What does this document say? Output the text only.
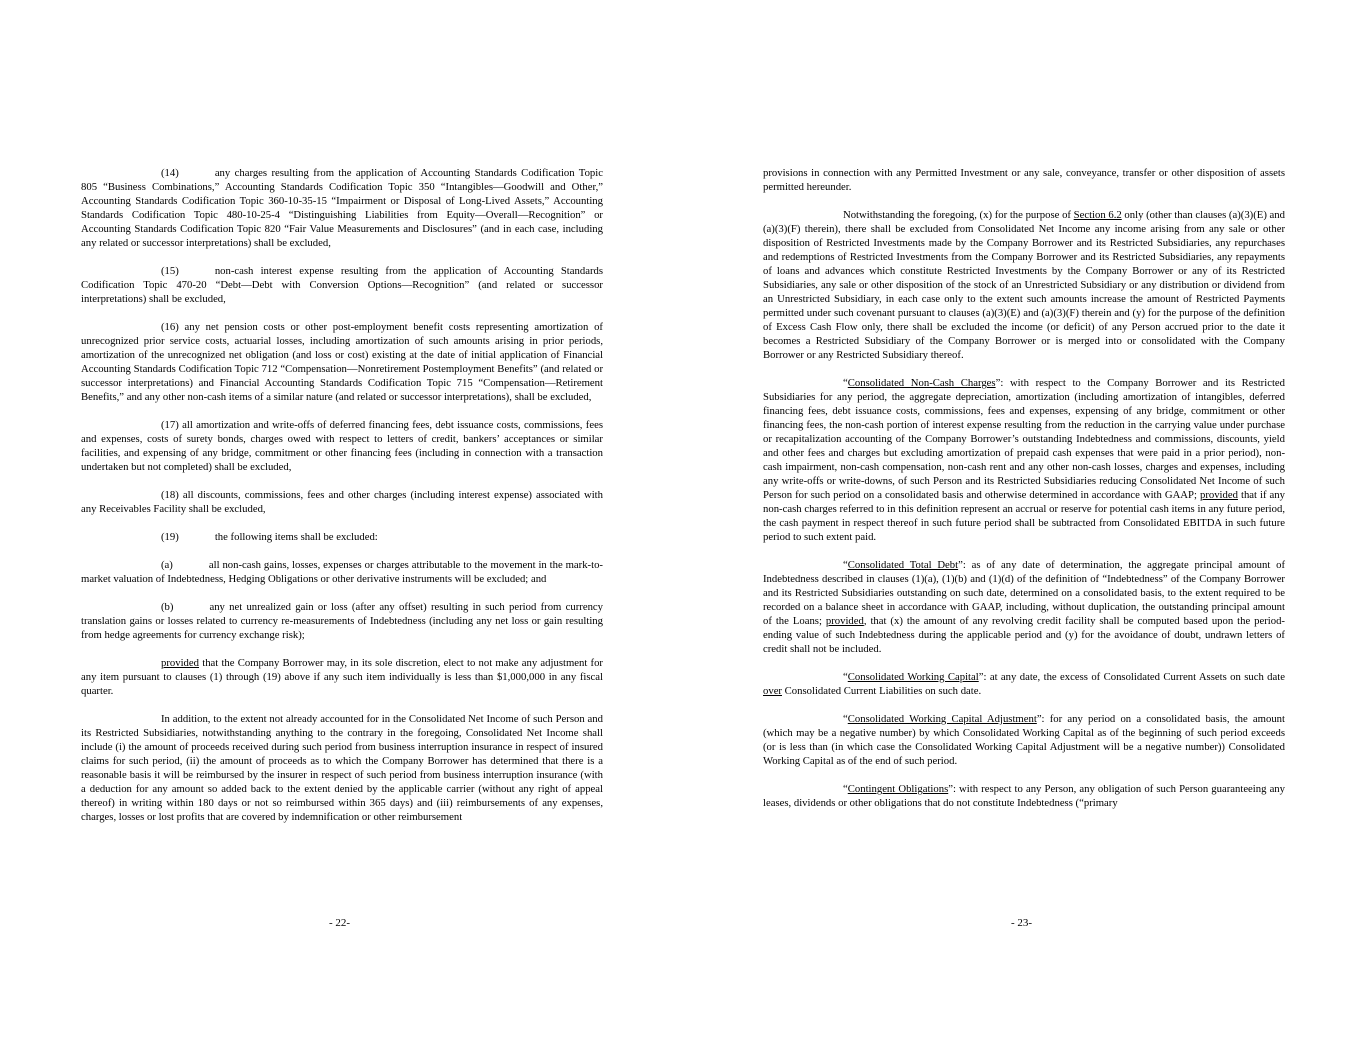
(14)	any charges resulting from the application of Accounting Standards Codification Topic 805 “Business Combinations,” Accounting Standards Codification Topic 350 “Intangibles—Goodwill and Other,” Accounting Standards Codification Topic 360-10-35-15 “Impairment or Disposal of Long-Lived Assets,” Accounting Standards Codification Topic 480-10-25-4 “Distinguishing Liabilities from Equity—Overall—Recognition” or Accounting Standards Codification Topic 820 “Fair Value Measurements and Disclosures” (and in each case, including any related or successor interpretations) shall be excluded,

(15)	non-cash interest expense resulting from the application of Accounting Standards Codification Topic 470-20 “Debt—Debt with Conversion Options—Recognition” (and related or successor interpretations) shall be excluded,

(16) any net pension costs or other post-employment benefit costs representing amortization of unrecognized prior service costs, actuarial losses, including amortization of such amounts arising in prior periods, amortization of the unrecognized net obligation (and loss or cost) existing at the date of initial application of Financial Accounting Standards Codification Topic 712 “Compensation—Nonretirement Postemployment Benefits” (and related or successor interpretations) and Financial Accounting Standards Codification Topic 715 “Compensation—Retirement Benefits,” and any other non-cash items of a similar nature (and related or successor interpretations), shall be excluded,

(17) all amortization and write-offs of deferred financing fees, debt issuance costs, commissions, fees and expenses, costs of surety bonds, charges owed with respect to letters of credit, bankers’ acceptances or similar facilities, and expensing of any bridge, commitment or other financing fees (including in connection with a transaction undertaken but not completed) shall be excluded,

(18) all discounts, commissions, fees and other charges (including interest expense) associated with any Receivables Facility shall be excluded,

(19)	the following items shall be excluded:

(a)	all non-cash gains, losses, expenses or charges attributable to the movement in the mark-to-market valuation of Indebtedness, Hedging Obligations or other derivative instruments will be excluded; and

(b)	any net unrealized gain or loss (after any offset) resulting in such period from currency translation gains or losses related to currency re-measurements of Indebtedness (including any net loss or gain resulting from hedge agreements for currency exchange risk);

provided that the Company Borrower may, in its sole discretion, elect to not make any adjustment for any item pursuant to clauses (1) through (19) above if any such item individually is less than $1,000,000 in any fiscal quarter.

In addition, to the extent not already accounted for in the Consolidated Net Income of such Person and its Restricted Subsidiaries, notwithstanding anything to the contrary in the foregoing, Consolidated Net Income shall include (i) the amount of proceeds received during such period from business interruption insurance in respect of insured claims for such period, (ii) the amount of proceeds as to which the Company Borrower has determined that there is a reasonable basis it will be reimbursed by the insurer in respect of such period from business interruption insurance (with a deduction for any amount so added back to the extent denied by the applicable carrier (without any right of appeal thereof) in writing within 180 days or not so reimbursed within 365 days) and (iii) reimbursements of any expenses, charges, losses or lost profits that are covered by indemnification or other reimbursement

- 22-

provisions in connection with any Permitted Investment or any sale, conveyance, transfer or other disposition of assets permitted hereunder.

Notwithstanding the foregoing, (x) for the purpose of Section 6.2 only (other than clauses (a)(3)(E) and (a)(3)(F) therein), there shall be excluded from Consolidated Net Income any income arising from any sale or other disposition of Restricted Investments made by the Company Borrower and its Restricted Subsidiaries, any repurchases and redemptions of Restricted Investments from the Company Borrower and its Restricted Subsidiaries, any repayments of loans and advances which constitute Restricted Investments by the Company Borrower or any of its Restricted Subsidiaries, any sale or other disposition of the stock of an Unrestricted Subsidiary or any distribution or dividend from an Unrestricted Subsidiary, in each case only to the extent such amounts increase the amount of Restricted Payments permitted under such covenant pursuant to clauses (a)(3)(E) and (a)(3)(F) therein and (y) for the purpose of the definition of Excess Cash Flow only, there shall be excluded the income (or deficit) of any Person accrued prior to the date it becomes a Restricted Subsidiary of the Company Borrower or is merged into or consolidated with the Company Borrower or any Restricted Subsidiary thereof.

“Consolidated Non-Cash Charges”: with respect to the Company Borrower and its Restricted Subsidiaries for any period, the aggregate depreciation, amortization (including amortization of intangibles, deferred financing fees, debt issuance costs, commissions, fees and expenses, expensing of any bridge, commitment or other financing fees, the non-cash portion of interest expense resulting from the reduction in the carrying value under purchase or recapitalization accounting of the Company Borrower’s outstanding Indebtedness and commissions, discounts, yield and other fees and charges but excluding amortization of prepaid cash expenses that were paid in a prior period), non-cash impairment, non-cash compensation, non-cash rent and any other non-cash losses, charges and expenses, including any write-offs or write-downs, of such Person and its Restricted Subsidiaries reducing Consolidated Net Income of such Person for such period on a consolidated basis and otherwise determined in accordance with GAAP; provided that if any non-cash charges referred to in this definition represent an accrual or reserve for potential cash items in any future period, the cash payment in respect thereof in such future period shall be subtracted from Consolidated EBITDA in such future period to such extent paid.

“Consolidated Total Debt”: as of any date of determination, the aggregate principal amount of Indebtedness described in clauses (1)(a), (1)(b) and (1)(d) of the definition of “Indebtedness” of the Company Borrower and its Restricted Subsidiaries outstanding on such date, determined on a consolidated basis, to the extent required to be recorded on a balance sheet in accordance with GAAP, including, without duplication, the outstanding principal amount of the Loans; provided, that (x) the amount of any revolving credit facility shall be computed based upon the period-ending value of such Indebtedness during the applicable period and (y) for the avoidance of doubt, undrawn letters of credit shall not be included.

“Consolidated Working Capital”: at any date, the excess of Consolidated Current Assets on such date over Consolidated Current Liabilities on such date.

“Consolidated Working Capital Adjustment”: for any period on a consolidated basis, the amount (which may be a negative number) by which Consolidated Working Capital as of the beginning of such period exceeds (or is less than (in which case the Consolidated Working Capital Adjustment will be a negative number)) Consolidated Working Capital as of the end of such period.

“Contingent Obligations”: with respect to any Person, any obligation of such Person guaranteeing any leases, dividends or other obligations that do not constitute Indebtedness (“primary

- 23-
